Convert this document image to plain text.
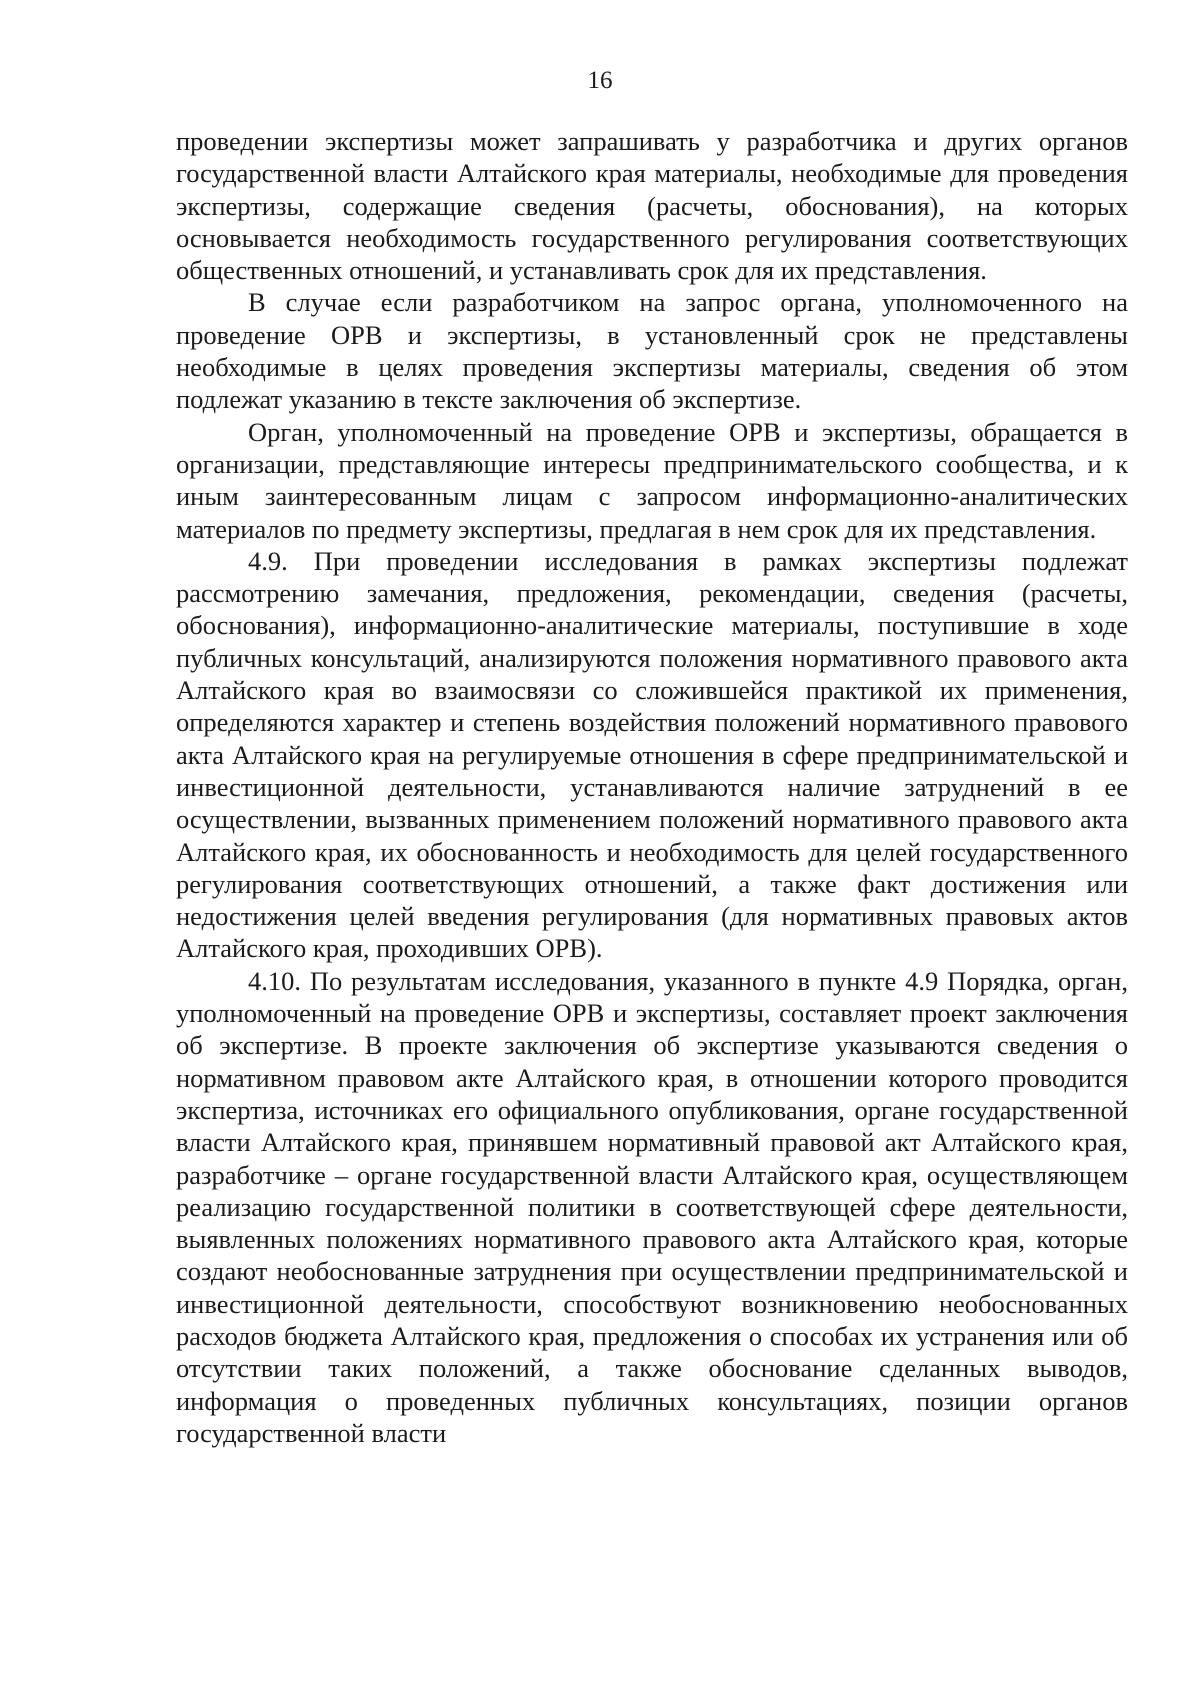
16

проведении экспертизы может запрашивать у разработчика и других органов государственной власти Алтайского края материалы, необходимые для проведения экспертизы, содержащие сведения (расчеты, обоснования), на которых основывается необходимость государственного регулирования соответствующих общественных отношений, и устанавливать срок для их представления.

В случае если разработчиком на запрос органа, уполномоченного на проведение ОРВ и экспертизы, в установленный срок не представлены необходимые в целях проведения экспертизы материалы, сведения об этом подлежат указанию в тексте заключения об экспертизе.

Орган, уполномоченный на проведение ОРВ и экспертизы, обращается в организации, представляющие интересы предпринимательского сообщества, и к иным заинтересованным лицам с запросом информационно-аналитических материалов по предмету экспертизы, предлагая в нем срок для их представления.

4.9. При проведении исследования в рамках экспертизы подлежат рассмотрению замечания, предложения, рекомендации, сведения (расчеты, обоснования), информационно-аналитические материалы, поступившие в ходе публичных консультаций, анализируются положения нормативного правового акта Алтайского края во взаимосвязи со сложившейся практикой их применения, определяются характер и степень воздействия положений нормативного правового акта Алтайского края на регулируемые отношения в сфере предпринимательской и инвестиционной деятельности, устанавливаются наличие затруднений в ее осуществлении, вызванных применением положений нормативного правового акта Алтайского края, их обоснованность и необходимость для целей государственного регулирования соответствующих отношений, а также факт достижения или недостижения целей введения регулирования (для нормативных правовых актов Алтайского края, проходивших ОРВ).

4.10. По результатам исследования, указанного в пункте 4.9 Порядка, орган, уполномоченный на проведение ОРВ и экспертизы, составляет проект заключения об экспертизе. В проекте заключения об экспертизе указываются сведения о нормативном правовом акте Алтайского края, в отношении которого проводится экспертиза, источниках его официального опубликования, органе государственной власти Алтайского края, принявшем нормативный правовой акт Алтайского края, разработчике – органе государственной власти Алтайского края, осуществляющем реализацию государственной политики в соответствующей сфере деятельности, выявленных положениях нормативного правового акта Алтайского края, которые создают необоснованные затруднения при осуществлении предпринимательской и инвестиционной деятельности, способствуют возникновению необоснованных расходов бюджета Алтайского края, предложения о способах их устранения или об отсутствии таких положений, а также обоснование сделанных выводов, информация о проведенных публичных консультациях, позиции органов государственной власти
